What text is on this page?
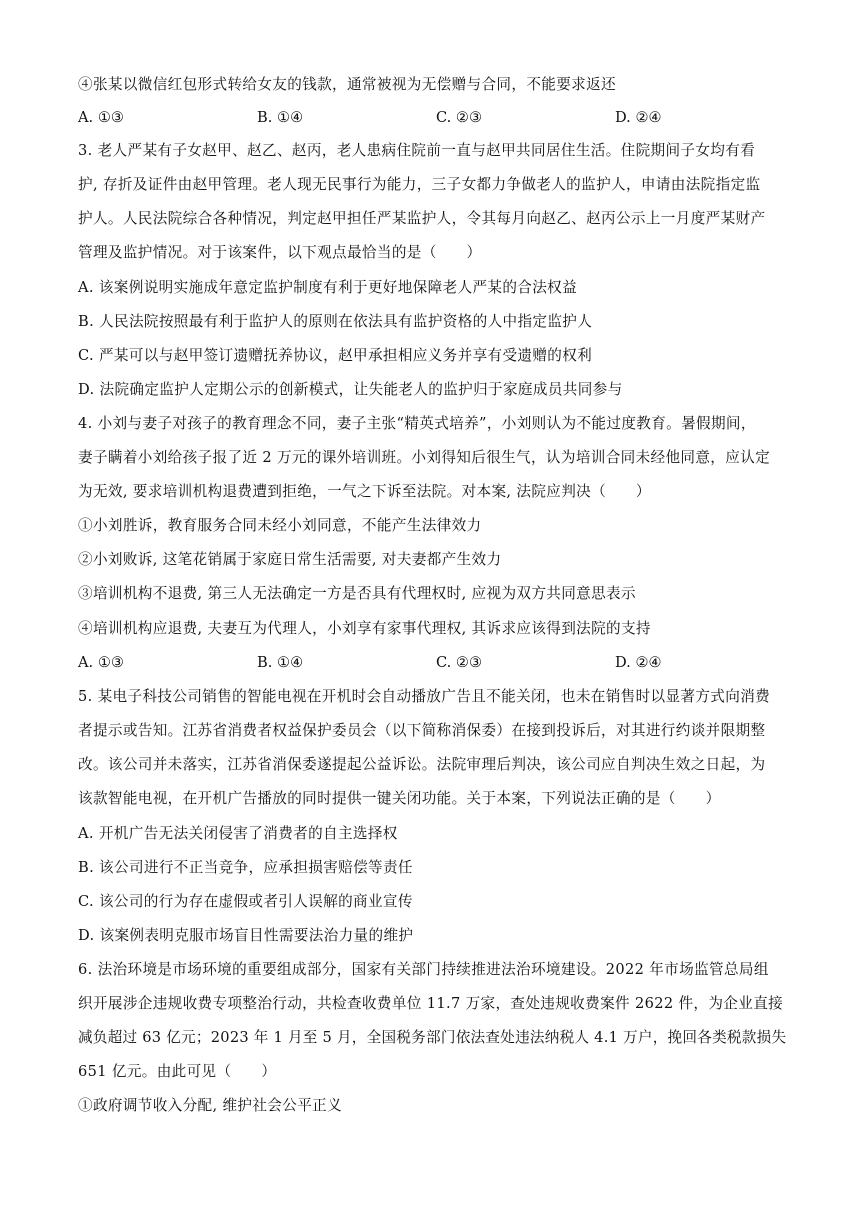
④张某以微信红包形式转给女友的钱款，通常被视为无偿赠与合同，不能要求返还
A. ①③	B. ①④	C. ②③	D. ②④
3. 老人严某有子女赵甲、赵乙、赵丙，老人患病住院前一直与赵甲共同居住生活。住院期间子女均有看
护, 存折及证件由赵甲管理。老人现无民事行为能力，三子女都力争做老人的监护人，申请由法院指定监
护人。人民法院综合各种情况，判定赵甲担任严某监护人，令其每月向赵乙、赵丙公示上一月度严某财产
管理及监护情况。对于该案件，以下观点最恰当的是（　　）
A. 该案例说明实施成年意定监护制度有利于更好地保障老人严某的合法权益
B. 人民法院按照最有利于监护人的原则在依法具有监护资格的人中指定监护人
C. 严某可以与赵甲签订遗赠抚养协议，赵甲承担相应义务并享有受遗赠的权利
D. 法院确定监护人定期公示的创新模式，让失能老人的监护归于家庭成员共同参与
4. 小刘与妻子对孩子的教育理念不同，妻子主张“精英式培养”，小刘则认为不能过度教育。暑假期间，
妻子瞒着小刘给孩子报了近 2 万元的课外培训班。小刘得知后很生气，认为培训合同未经他同意，应认定
为无效, 要求培训机构退费遭到拒绝，一气之下诉至法院。对本案, 法院应判决（　　）
①小刘胜诉，教育服务合同未经小刘同意，不能产生法律效力
②小刘败诉, 这笔花销属于家庭日常生活需要, 对夫妻都产生效力
③培训机构不退费, 第三人无法确定一方是否具有代理权时, 应视为双方共同意思表示
④培训机构应退费, 夫妻互为代理人，小刘享有家事代理权, 其诉求应该得到法院的支持
A. ①③	B. ①④	C. ②③	D. ②④
5. 某电子科技公司销售的智能电视在开机时会自动播放广告且不能关闭，也未在销售时以显著方式向消费
者提示或告知。江苏省消费者权益保护委员会（以下简称消保委）在接到投诉后，对其进行约谈并限期整
改。该公司并未落实，江苏省消保委遂提起公益诉讼。法院审理后判决，该公司应自判决生效之日起，为
该款智能电视，在开机广告播放的同时提供一键关闭功能。关于本案，下列说法正确的是（　　）
A. 开机广告无法关闭侵害了消费者的自主选择权
B. 该公司进行不正当竞争，应承担损害赔偿等责任
C. 该公司的行为存在虚假或者引人误解的商业宣传
D. 该案例表明克服市场盲目性需要法治力量的维护
6. 法治环境是市场环境的重要组成部分，国家有关部门持续推进法治环境建设。2022 年市场监管总局组
织开展涉企违规收费专项整治行动，共检查收费单位 11.7 万家，查处违规收费案件 2622 件，为企业直接
减负超过 63 亿元；2023 年 1 月至 5 月，全国税务部门依法查处违法纳税人 4.1 万户，挽回各类税款损失
651 亿元。由此可见（　　）
①政府调节收入分配, 维护社会公平正义
